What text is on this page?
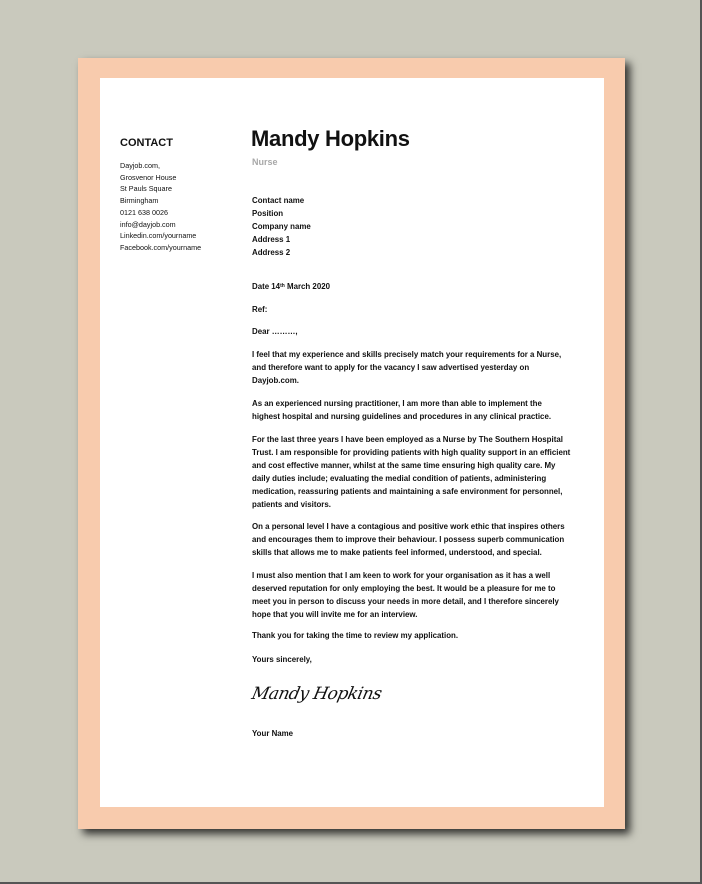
CONTACT
Dayjob.com,
Grosvenor House
St Pauls Square
Birmingham
0121 638 0026
info@dayjob.com
Linkedin.com/yourname
Facebook.com/yourname
Mandy Hopkins
Nurse
Contact name
Position
Company name
Address 1
Address 2
Date 14th March 2020
Ref:
Dear ………,
I feel that my experience and skills precisely match your requirements for a Nurse,
and therefore want to apply for the vacancy I saw advertised yesterday on
Dayjob.com.
As an experienced nursing practitioner, I am more than able to implement the
highest hospital and nursing guidelines and procedures in any clinical practice.
For the last three years I have been employed as a Nurse by The Southern Hospital
Trust. I am responsible for providing patients with high quality support in an efficient
and cost effective manner, whilst at the same time ensuring high quality care. My
daily duties include; evaluating the medial condition of patients, administering
medication, reassuring patients and maintaining a safe environment for personnel,
patients and visitors.
On a personal level I have a contagious and positive work ethic that inspires others
and encourages them to improve their behaviour. I possess superb communication
skills that allows me to make patients feel informed, understood, and special.
I must also mention that I am keen to work for your organisation as it has a well
deserved reputation for only employing the best. It would be a pleasure for me to
meet you in person to discuss your needs in more detail, and I therefore sincerely
hope that you will invite me for an interview.
Thank you for taking the time to review my application.
Yours sincerely,
Mandy Hopkins
Your Name
